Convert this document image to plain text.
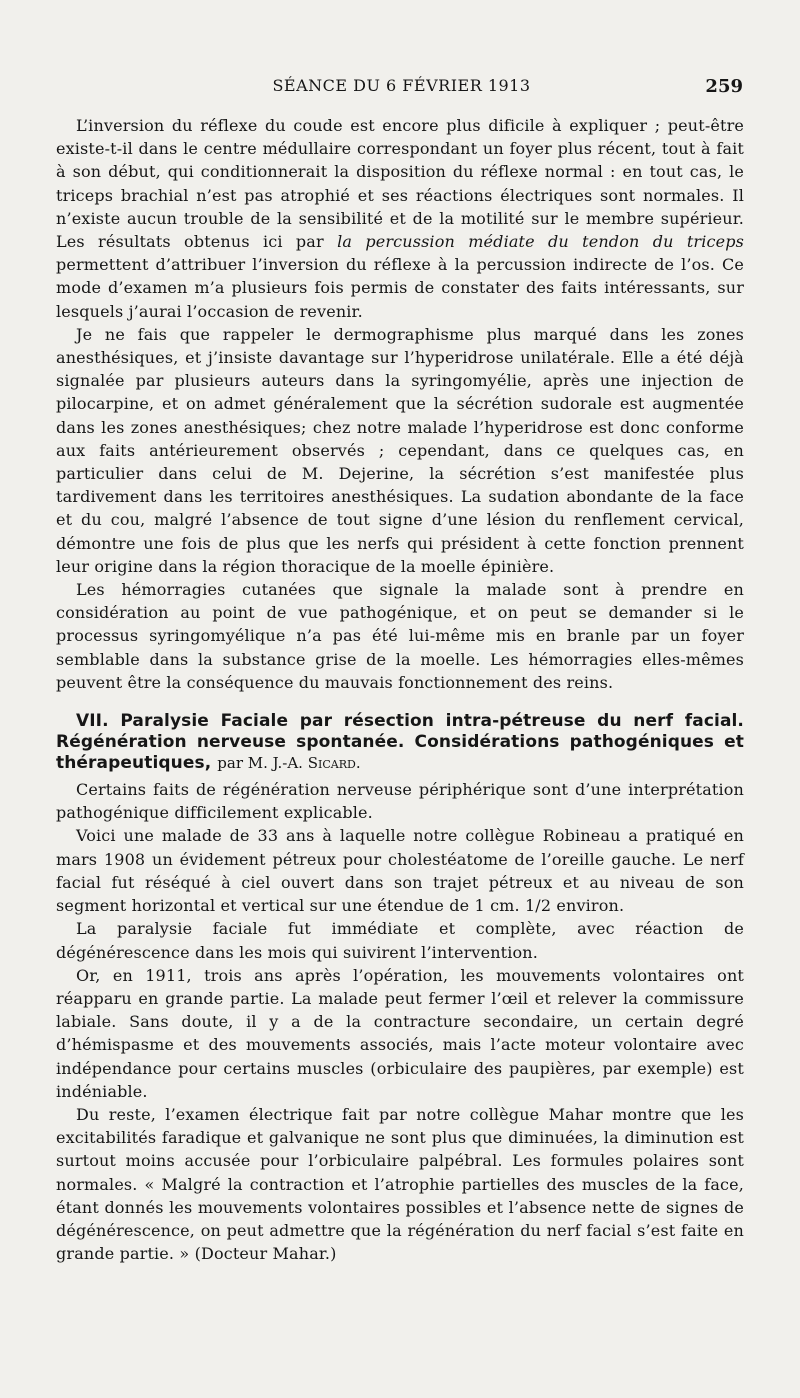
SÉANCE DU 6 FÉVRIER 1913	259

L’inversion du réflexe du coude est encore plus dificile à expliquer ; peut-être existe-t-il dans le centre médullaire correspondant un foyer plus récent, tout à fait à son début, qui conditionnerait la disposition du réflexe normal : en tout cas, le triceps brachial n’est pas atrophié et ses réactions électriques sont normales. Il n’existe aucun trouble de la sensibilité et de la motilité sur le membre supérieur. Les résultats obtenus ici par la percussion médiate du tendon du triceps permettent d’attribuer l’inversion du réflexe à la percussion indirecte de l’os. Ce mode d’examen m’a plusieurs fois permis de constater des faits intéressants, sur lesquels j’aurai l’occasion de revenir.

Je ne fais que rappeler le dermographisme plus marqué dans les zones anesthésiques, et j’insiste davantage sur l’hyperidrose unilatérale. Elle a été déjà signalée par plusieurs auteurs dans la syringomyélie, après une injection de pilocarpine, et on admet généralement que la sécrétion sudorale est augmentée dans les zones anesthésiques; chez notre malade l’hyperidrose est donc conforme aux faits antérieurement observés ; cependant, dans ce quelques cas, en particulier dans celui de M. Dejerine, la sécrétion s’est manifestée plus tardivement dans les territoires anesthésiques. La sudation abondante de la face et du cou, malgré l’absence de tout signe d’une lésion du renflement cervical, démontre une fois de plus que les nerfs qui président à cette fonction prennent leur origine dans la région thoracique de la moelle épinière.

Les hémorragies cutanées que signale la malade sont à prendre en considération au point de vue pathogénique, et on peut se demander si le processus syringomyélique n’a pas été lui-même mis en branle par un foyer semblable dans la substance grise de la moelle. Les hémorragies elles-mêmes peuvent être la conséquence du mauvais fonctionnement des reins.

VII. Paralysie Faciale par résection intra-pétreuse du nerf facial. Régénération nerveuse spontanée. Considérations pathogéniques et thérapeutiques, par M. J.-A. Sicard.

Certains faits de régénération nerveuse périphérique sont d’une interprétation pathogénique difficilement explicable.

Voici une malade de 33 ans à laquelle notre collègue Robineau a pratiqué en mars 1908 un évidement pétreux pour cholestéatome de l’oreille gauche. Le nerf facial fut réséqué à ciel ouvert dans son trajet pétreux et au niveau de son segment horizontal et vertical sur une étendue de 1 cm. 1/2 environ.

La paralysie faciale fut immédiate et complète, avec réaction de dégénérescence dans les mois qui suivirent l’intervention.

Or, en 1911, trois ans après l’opération, les mouvements volontaires ont réapparu en grande partie. La malade peut fermer l’œil et relever la commissure labiale. Sans doute, il y a de la contracture secondaire, un certain degré d’hémispasme et des mouvements associés, mais l’acte moteur volontaire avec indépendance pour certains muscles (orbiculaire des paupières, par exemple) est indéniable.

Du reste, l’examen électrique fait par notre collègue Mahar montre que les excitabilités faradique et galvanique ne sont plus que diminuées, la diminution est surtout moins accusée pour l’orbiculaire palpébral. Les formules polaires sont normales. « Malgré la contraction et l’atrophie partielles des muscles de la face, étant donnés les mouvements volontaires possibles et l’absence nette de signes de dégénérescence, on peut admettre que la régénération du nerf facial s’est faite en grande partie. » (Docteur Mahar.)
